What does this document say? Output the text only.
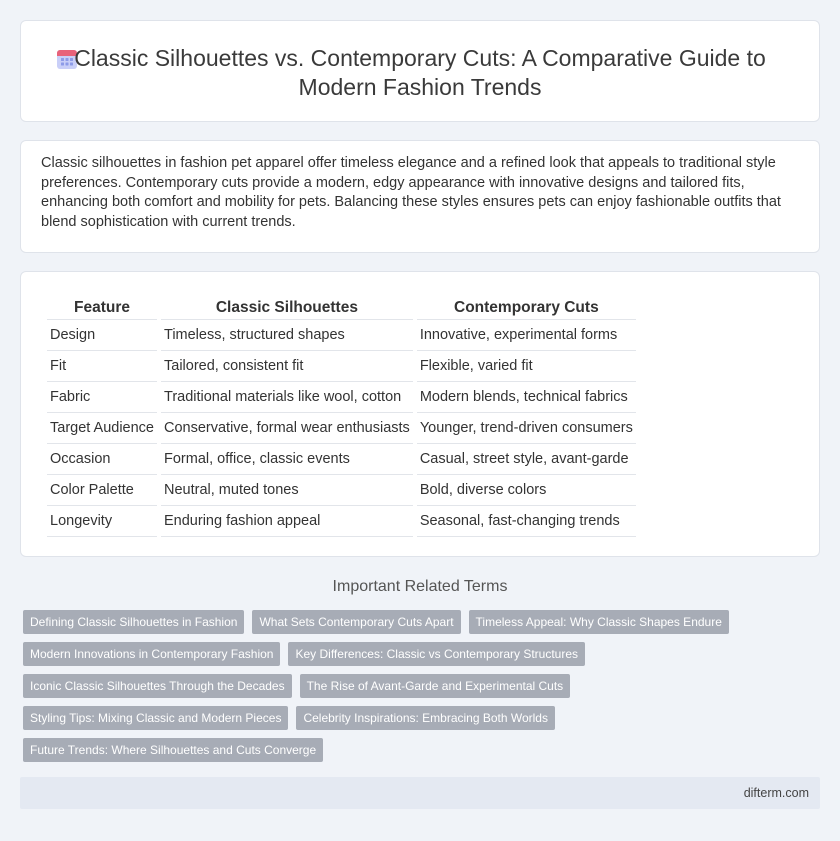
Classic Silhouettes vs. Contemporary Cuts: A Comparative Guide to Modern Fashion Trends

Classic silhouettes in fashion pet apparel offer timeless elegance and a refined look that appeals to traditional style preferences. Contemporary cuts provide a modern, edgy appearance with innovative designs and tailored fits, enhancing both comfort and mobility for pets. Balancing these styles ensures pets can enjoy fashionable outfits that blend sophistication with current trends.

Feature	Classic Silhouettes	Contemporary Cuts
Design	Timeless, structured shapes	Innovative, experimental forms
Fit	Tailored, consistent fit	Flexible, varied fit
Fabric	Traditional materials like wool, cotton	Modern blends, technical fabrics
Target Audience	Conservative, formal wear enthusiasts	Younger, trend-driven consumers
Occasion	Formal, office, classic events	Casual, street style, avant-garde
Color Palette	Neutral, muted tones	Bold, diverse colors
Longevity	Enduring fashion appeal	Seasonal, fast-changing trends
Important Related Terms
Defining Classic Silhouettes in Fashion	What Sets Contemporary Cuts Apart	Timeless Appeal: Why Classic Shapes Endure
Modern Innovations in Contemporary Fashion	Key Differences: Classic vs Contemporary Structures
Iconic Classic Silhouettes Through the Decades	The Rise of Avant-Garde and Experimental Cuts
Styling Tips: Mixing Classic and Modern Pieces	Celebrity Inspirations: Embracing Both Worlds
Future Trends: Where Silhouettes and Cuts Converge
difterm.com
